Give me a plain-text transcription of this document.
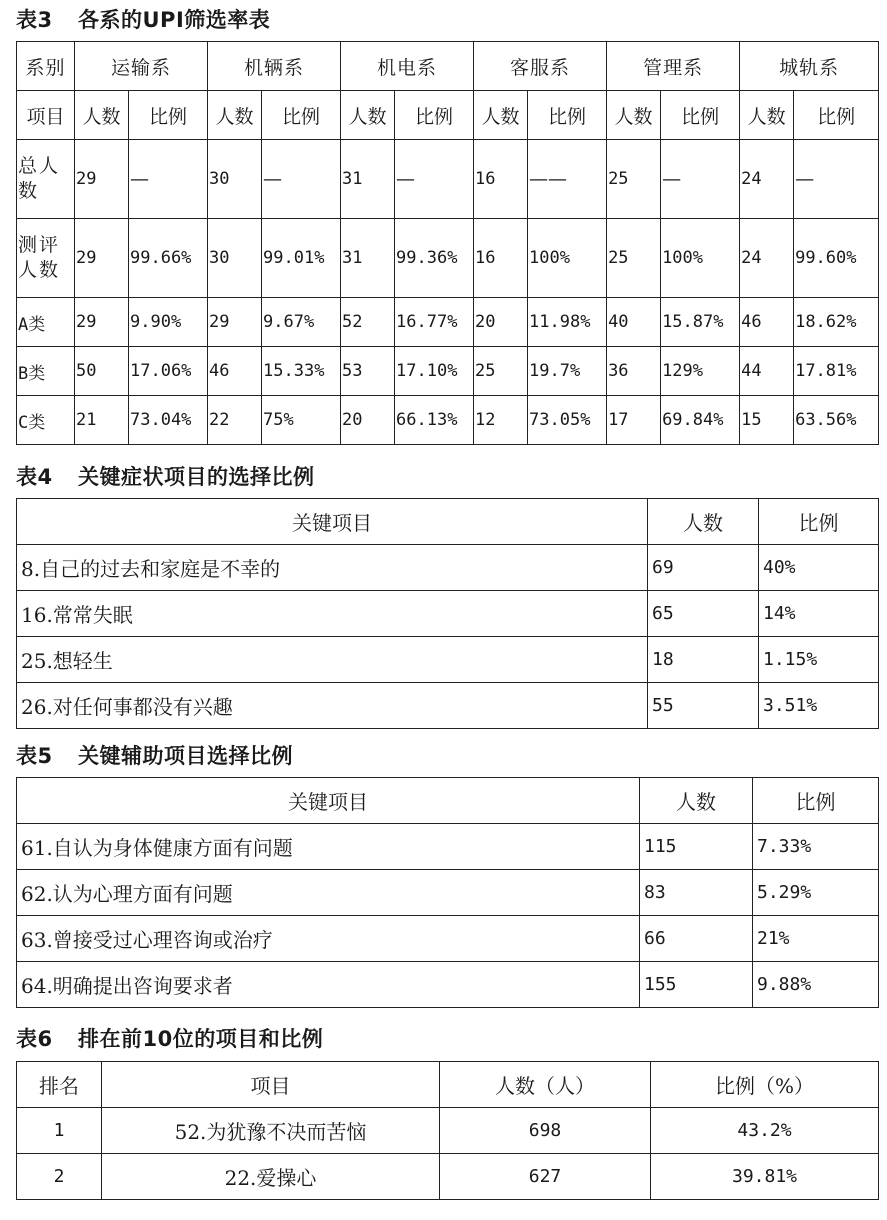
表3 各系的UPI筛选率表
系别	运输系		机辆系		机电系		客服系		管理系		城轨系	
项目	人数	比例	人数	比例	人数	比例	人数	比例	人数	比例	人数	比例
总人数	29	—	30	—	31	—	16	——	25	—	24	—
测评人数	29	99.66%	30	99.01%	31	99.36%	16	100%	25	100%	24	99.60%
A类	29	9.90%	29	9.67%	52	16.77%	20	11.98%	40	15.87%	46	18.62%
B类	50	17.06%	46	15.33%	53	17.10%	25	19.7%	36	129%	44	17.81%
C类	21	73.04%	22	75%	20	66.13%	12	73.05%	17	69.84%	15	63.56%
表4 关键症状项目的选择比例
关键项目	人数	比例
8.自己的过去和家庭是不幸的	69	40%
16.常常失眠	65	14%
25.想轻生	18	1.15%
26.对任何事都没有兴趣	55	3.51%
表5 关键辅助项目选择比例
关键项目	人数	比例
61.自认为身体健康方面有问题	115	7.33%
62.认为心理方面有问题	83	5.29%
63.曾接受过心理咨询或治疗	66	21%
64.明确提出咨询要求者	155	9.88%
表6 排在前10位的项目和比例
排名	项目	人数（人）	比例（%）
1	52.为犹豫不决而苦恼	698	43.2%
2	22.爱操心	627	39.81%
